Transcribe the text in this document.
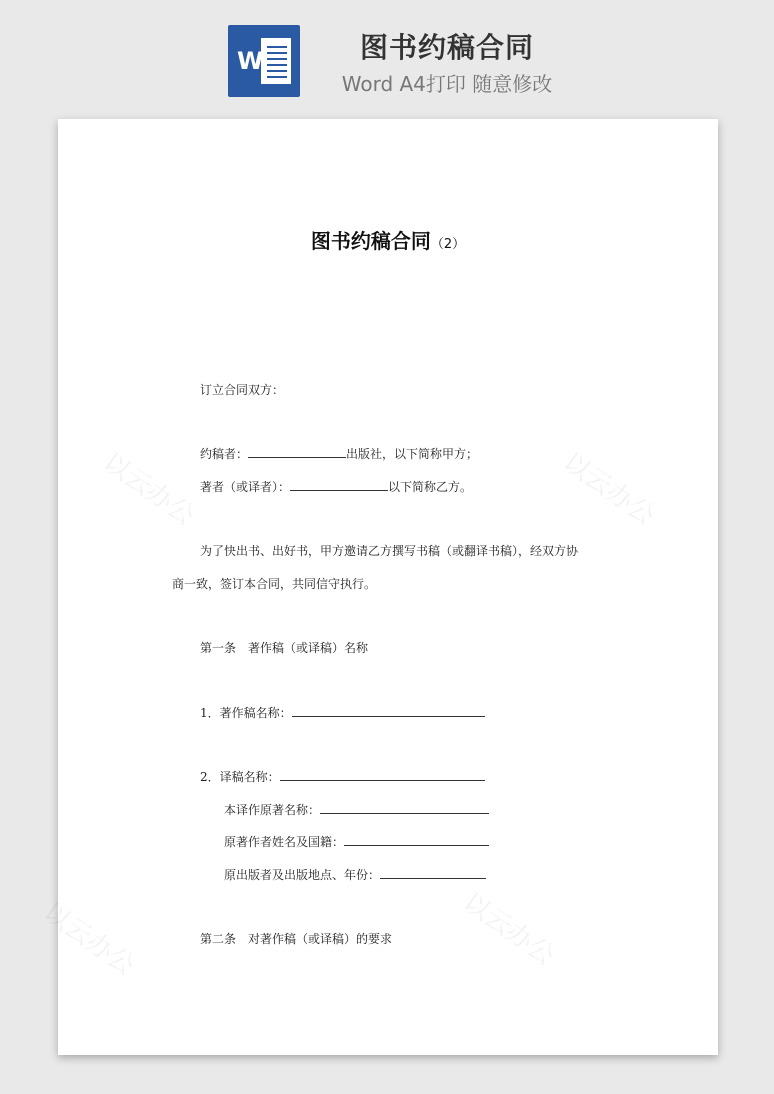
W	图书约稿合同
Word A4打印 随意修改
以云办公	以云办公
以云办公	以云办公
图书约稿合同（2）
订立合同双方：
约稿者：	出版社，以下简称甲方；
著者（或译者）：	以下简称乙方。
为了快出书、出好书，甲方邀请乙方撰写书稿（或翻译书稿），经双方协
商一致，签订本合同，共同信守执行。
第一条　著作稿（或译稿）名称
1．著作稿名称：
2．译稿名称：
本译作原著名称：
原著作者姓名及国籍：
原出版者及出版地点、年份：
第二条　对著作稿（或译稿）的要求
